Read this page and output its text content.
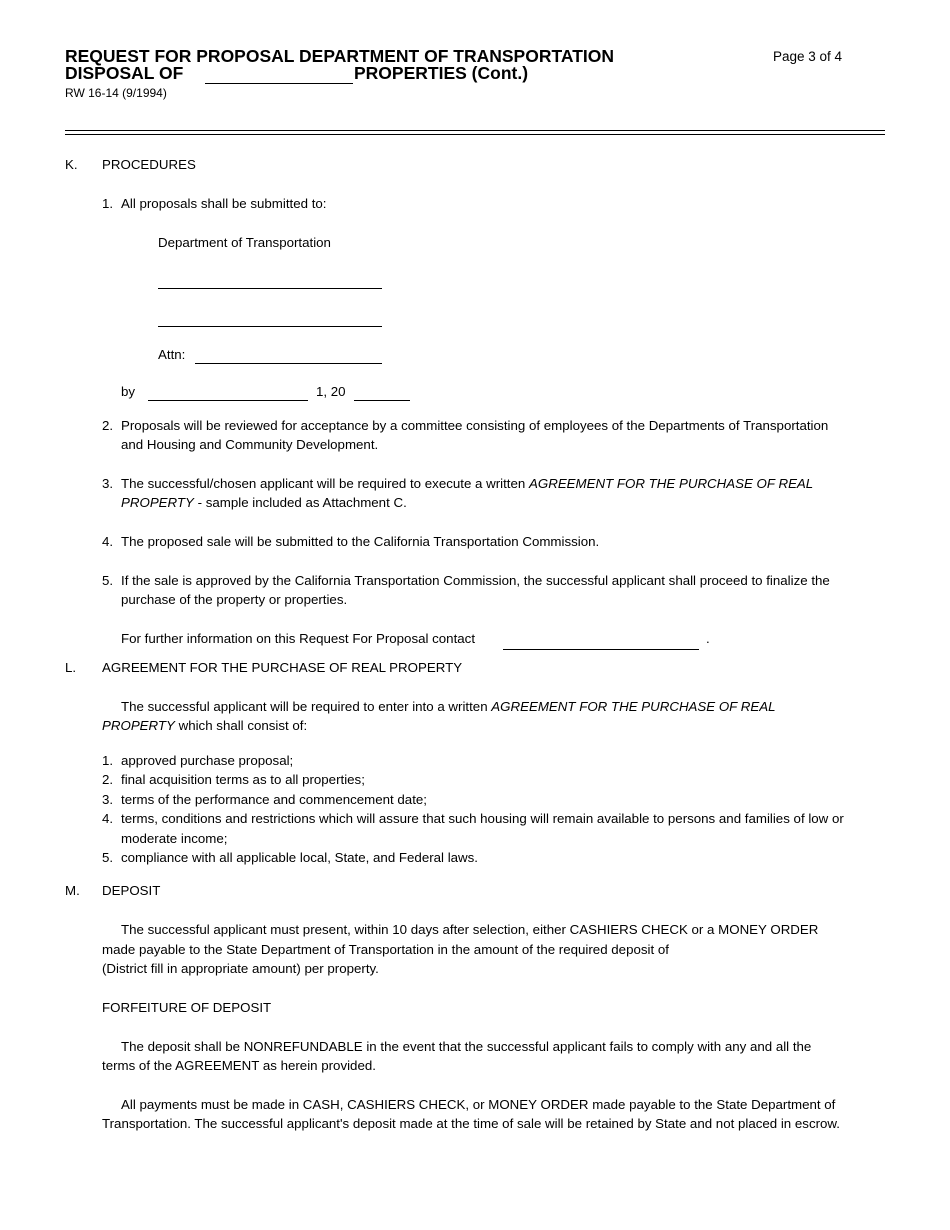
REQUEST FOR PROPOSAL DEPARTMENT OF TRANSPORTATION
DISPOSAL OF	PROPERTIES (Cont.)
RW 16-14 (9/1994)
Page 3 of 4
K. PROCEDURES
1. All proposals shall be submitted to:
Department of Transportation
Attn:
by	1, 20
2. Proposals will be reviewed for acceptance by a committee consisting of employees of the Departments of Transportation
and Housing and Community Development.
3. The successful/chosen applicant will be required to execute a written AGREEMENT FOR THE PURCHASE OF REAL
PROPERTY - sample included as Attachment C.
4. The proposed sale will be submitted to the California Transportation Commission.
5. If the sale is approved by the California Transportation Commission, the successful applicant shall proceed to finalize the
purchase of the property or properties.
For further information on this Request For Proposal contact	.
L. AGREEMENT FOR THE PURCHASE OF REAL PROPERTY
The successful applicant will be required to enter into a written AGREEMENT FOR THE PURCHASE OF REAL
PROPERTY which shall consist of:
1. approved purchase proposal;
2. final acquisition terms as to all properties;
3. terms of the performance and commencement date;
4. terms, conditions and restrictions which will assure that such housing will remain available to persons and families of low or
moderate income;
5. compliance with all applicable local, State, and Federal laws.
M. DEPOSIT
The successful applicant must present, within 10 days after selection, either CASHIERS CHECK or a MONEY ORDER
made payable to the State Department of Transportation in the amount of the required deposit of
(District fill in appropriate amount) per property.
FORFEITURE OF DEPOSIT
The deposit shall be NONREFUNDABLE in the event that the successful applicant fails to comply with any and all the
terms of the AGREEMENT as herein provided.
All payments must be made in CASH, CASHIERS CHECK, or MONEY ORDER made payable to the State Department of
Transportation. The successful applicant's deposit made at the time of sale will be retained by State and not placed in escrow.
